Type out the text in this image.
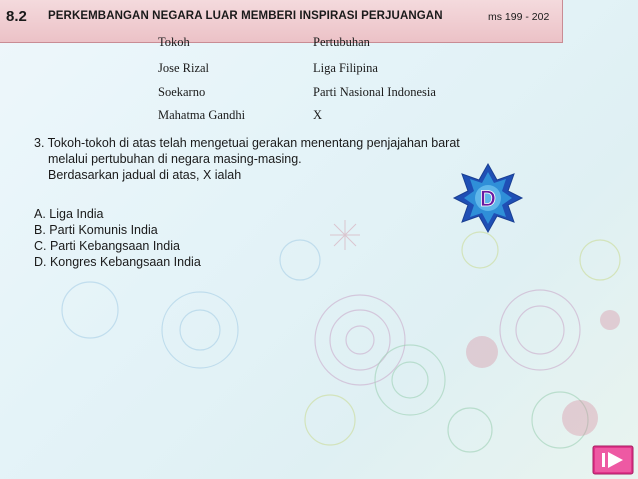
8.2 PERKEMBANGAN NEGARA LUAR MEMBERI INSPIRASI PERJUANGAN	ms 199 - 202
Tokoh	Pertubuhan
Jose Rizal	Liga Filipina
Soekarno	Parti Nasional Indonesia
Mahatma Gandhi	X
3. Tokoh-tokoh di atas telah mengetuai gerakan menentang penjajahan barat
melalui pertubuhan di negara masing-masing.
Berdasarkan jadual di atas, X ialah
A. Liga India
B. Parti Komunis India
C. Parti Kebangsaan India
D. Kongres Kebangsaan India
D
